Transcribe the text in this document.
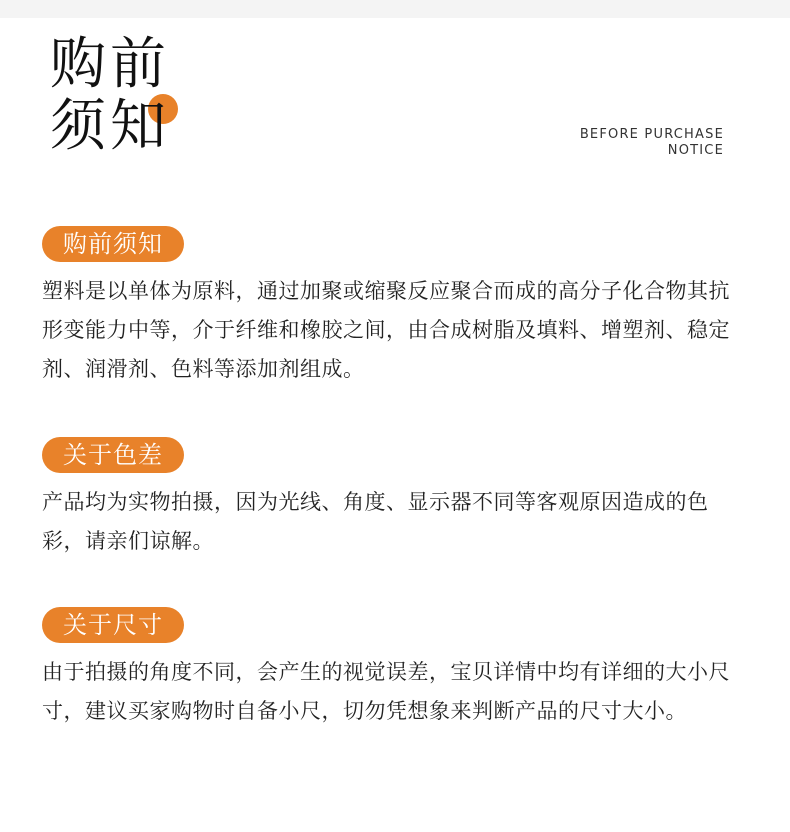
购前
须知	BEFORE PURCHASE
NOTICE
购前须知

塑料是以单体为原料，通过加聚或缩聚反应聚合而成的高分子化合物其抗形变能力中等，介于纤维和橡胶之间，由合成树脂及填料、增塑剂、稳定剂、润滑剂、色料等添加剂组成。

关于色差

产品均为实物拍摄，因为光线、角度、显示器不同等客观原因造成的色彩，请亲们谅解。

关于尺寸

由于拍摄的角度不同，会产生的视觉误差，宝贝详情中均有详细的大小尺寸，建议买家购物时自备小尺，切勿凭想象来判断产品的尺寸大小。
